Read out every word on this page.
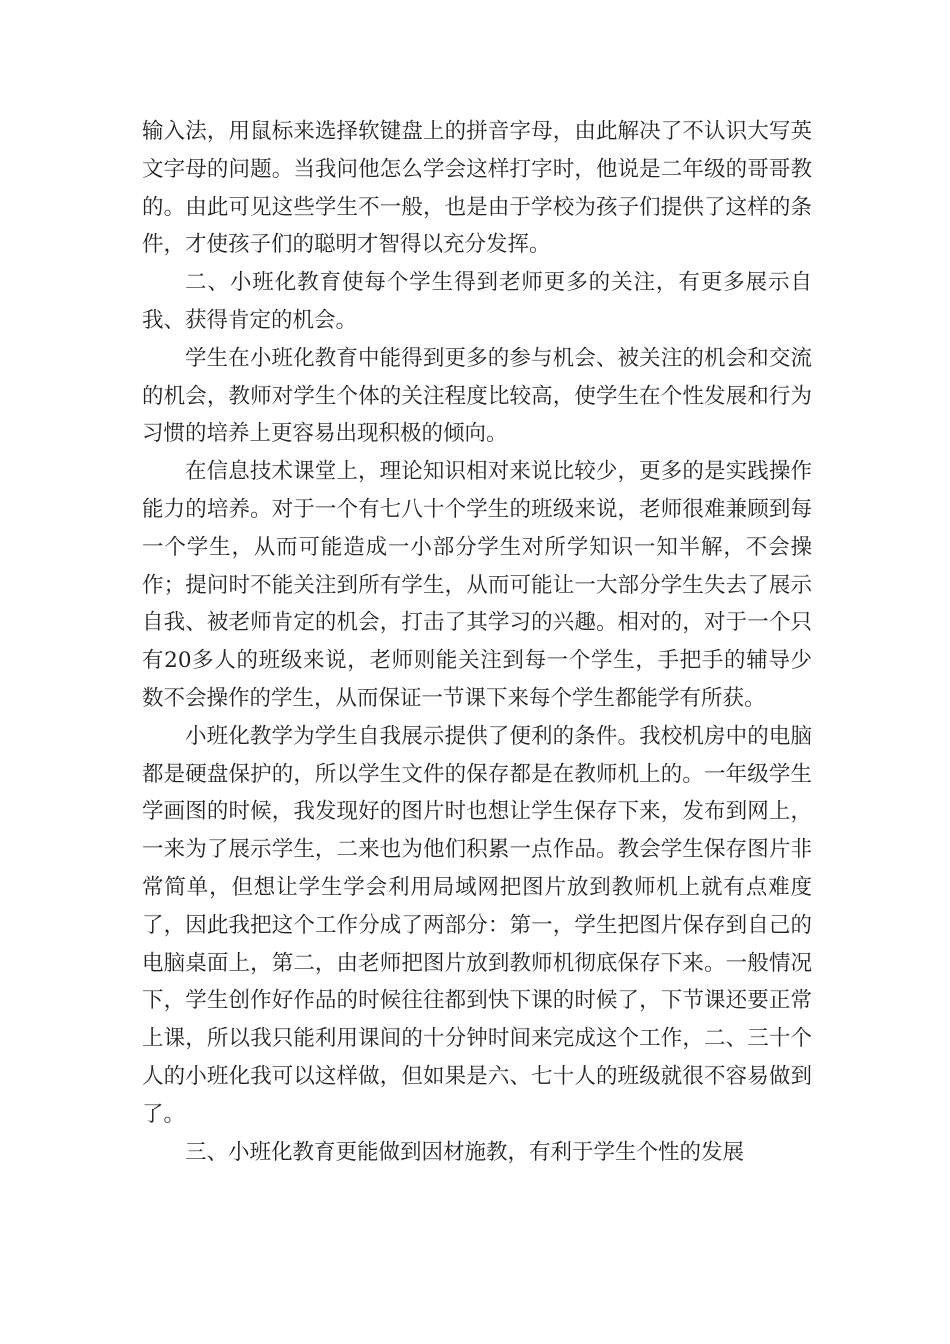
输入法，用鼠标来选择软键盘上的拼音字母，由此解决了不认识大写英文字母的问题。当我问他怎么学会这样打字时，他说是二年级的哥哥教的。由此可见这些学生不一般，也是由于学校为孩子们提供了这样的条件，才使孩子们的聪明才智得以充分发挥。

二、小班化教育使每个学生得到老师更多的关注，有更多展示自我、获得肯定的机会。

学生在小班化教育中能得到更多的参与机会、被关注的机会和交流的机会，教师对学生个体的关注程度比较高，使学生在个性发展和行为习惯的培养上更容易出现积极的倾向。

在信息技术课堂上，理论知识相对来说比较少，更多的是实践操作能力的培养。对于一个有七八十个学生的班级来说，老师很难兼顾到每一个学生，从而可能造成一小部分学生对所学知识一知半解，不会操作；提问时不能关注到所有学生，从而可能让一大部分学生失去了展示自我、被老师肯定的机会，打击了其学习的兴趣。相对的，对于一个只有20多人的班级来说，老师则能关注到每一个学生，手把手的辅导少数不会操作的学生，从而保证一节课下来每个学生都能学有所获。

小班化教学为学生自我展示提供了便利的条件。我校机房中的电脑都是硬盘保护的，所以学生文件的保存都是在教师机上的。一年级学生学画图的时候，我发现好的图片时也想让学生保存下来，发布到网上，一来为了展示学生，二来也为他们积累一点作品。教会学生保存图片非常简单，但想让学生学会利用局域网把图片放到教师机上就有点难度了，因此我把这个工作分成了两部分：第一，学生把图片保存到自己的电脑桌面上，第二，由老师把图片放到教师机彻底保存下来。一般情况下，学生创作好作品的时候往往都到快下课的时候了，下节课还要正常上课，所以我只能利用课间的十分钟时间来完成这个工作，二、三十个人的小班化我可以这样做，但如果是六、七十人的班级就很不容易做到了。

三、小班化教育更能做到因材施教，有利于学生个性的发展
